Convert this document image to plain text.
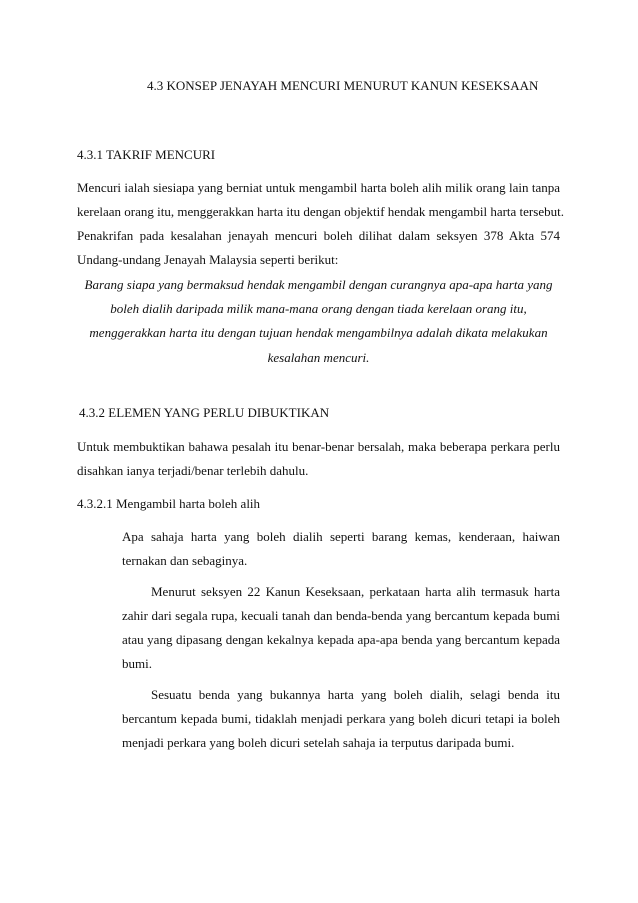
4.3 KONSEP JENAYAH MENCURI MENURUT KANUN KESEKSAAN
4.3.1 TAKRIF MENCURI
Mencuri ialah siesiapa yang berniat untuk mengambil harta boleh alih milik orang lain tanpa
kerelaan orang itu, menggerakkan harta itu dengan objektif hendak mengambil harta tersebut.
Penakrifan pada kesalahan jenayah mencuri boleh dilihat dalam seksyen 378 Akta 574
Undang-undang Jenayah Malaysia seperti berikut:
Barang siapa yang bermaksud hendak mengambil dengan curangnya apa-apa harta yang
boleh dialih daripada milik mana-mana orang dengan tiada kerelaan orang itu,
menggerakkan harta itu dengan tujuan hendak mengambilnya adalah dikata melakukan
kesalahan mencuri.
4.3.2 ELEMEN YANG PERLU DIBUKTIKAN
Untuk membuktikan bahawa pesalah itu benar-benar bersalah, maka beberapa perkara perlu
disahkan ianya terjadi/benar terlebih dahulu.
4.3.2.1 Mengambil harta boleh alih
Apa sahaja harta yang boleh dialih seperti barang kemas, kenderaan, haiwan
ternakan dan sebaginya.
Menurut seksyen 22 Kanun Keseksaan, perkataan harta alih termasuk harta
zahir dari segala rupa, kecuali tanah dan benda-benda yang bercantum kepada bumi
atau yang dipasang dengan kekalnya kepada apa-apa benda yang bercantum kepada
bumi.
Sesuatu benda yang bukannya harta yang boleh dialih, selagi benda itu
bercantum kepada bumi, tidaklah menjadi perkara yang boleh dicuri tetapi ia boleh
menjadi perkara yang boleh dicuri setelah sahaja ia terputus daripada bumi.
